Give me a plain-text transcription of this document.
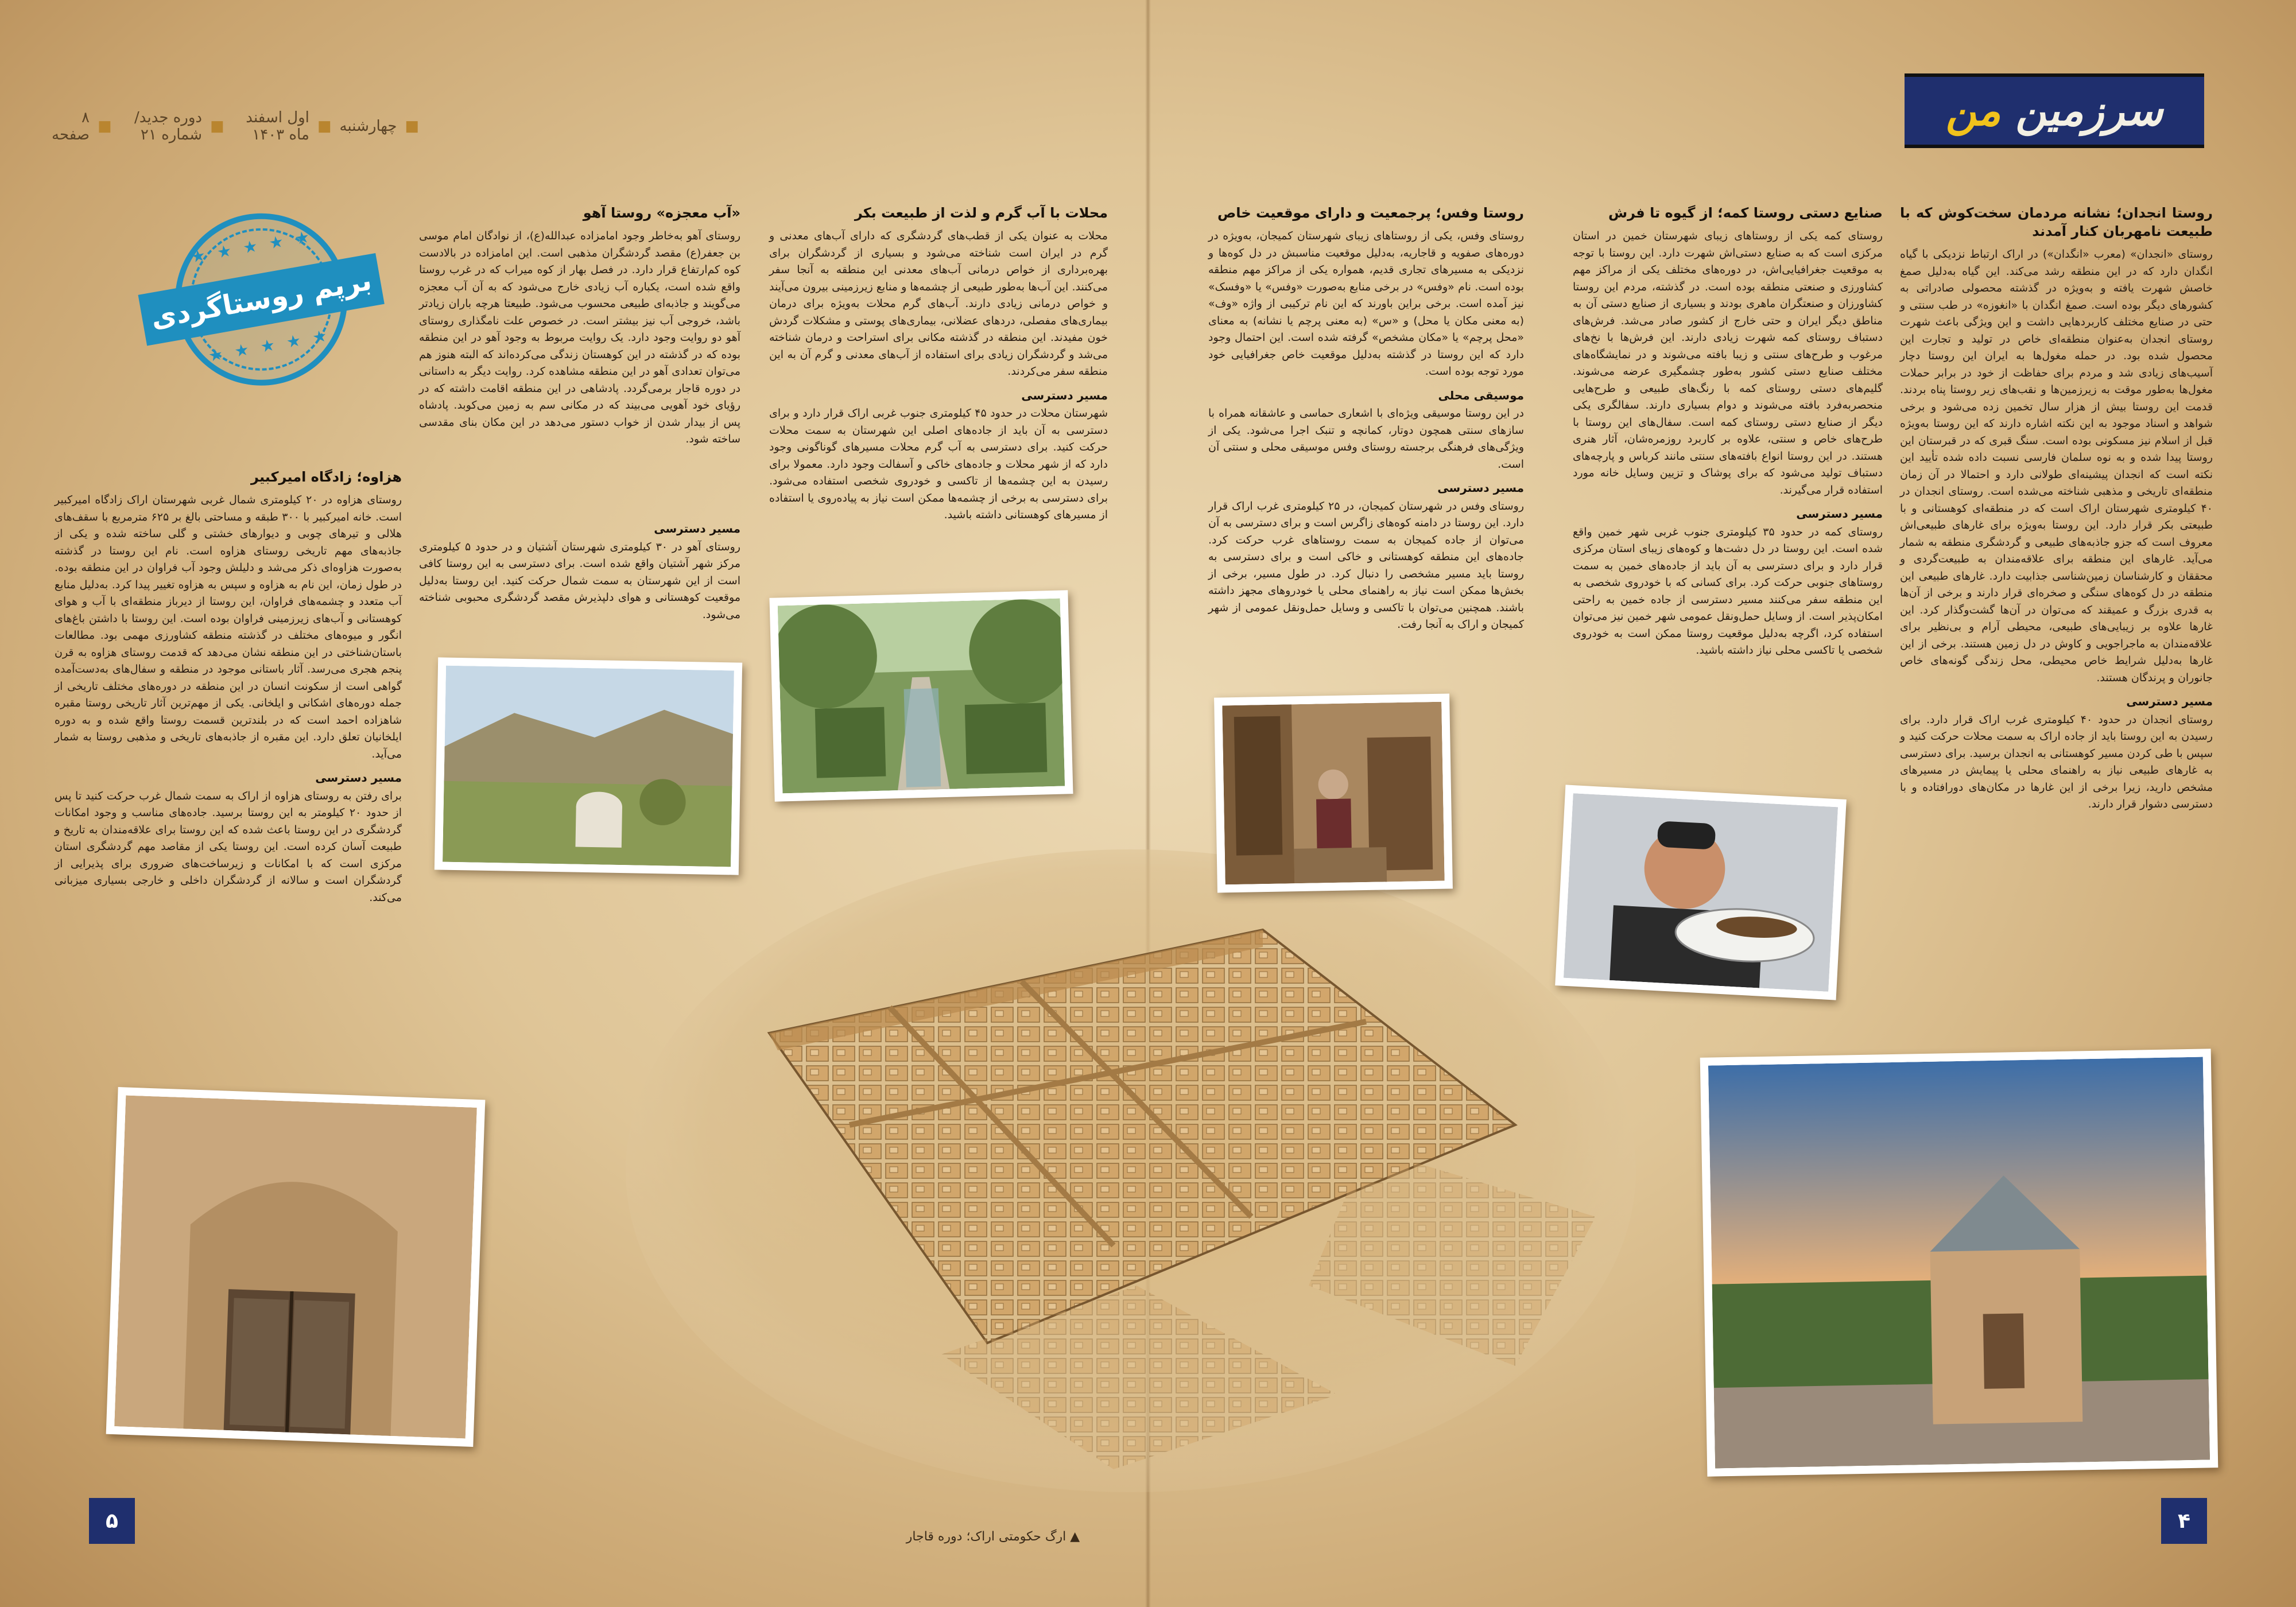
■
چهارشنبه
■
اول اسفند ماه ۱۴۰۳
■
دوره جدید/ شماره ۲۱
■
۸ صفحه	سرزمین من
★ ★ ★ ★ ★
برپم روستاگردی
★ ★ ★ ★ ★
روستا انجدان؛ نشانه مردمان سخت‌کوش که با طبیعت نامهربان کنار آمدند

روستای «انجدان» (معرب «انگدان») در اراک ارتباط نزدیکی با گیاه انگدان دارد که در این منطقه رشد می‌کند. این گیاه به‌دلیل صمغ خاصش شهرت یافته و به‌ویژه در گذشته محصولی صادراتی به کشورهای دیگر بوده است. صمغ انگدان با «انغوزه» در طب سنتی و حتی در صنایع مختلف کاربردهایی داشت و این ویژگی باعث شهرت روستای انجدان به‌عنوان منطقه‌ای خاص در تولید و تجارت این محصول شده بود. در حمله مغول‌ها به ایران این روستا دچار آسیب‌های زیادی شد و مردم برای حفاظت از خود در برابر حملات مغول‌ها به‌طور موقت به زیرزمین‌ها و نقب‌های زیر روستا پناه بردند. قدمت این روستا بیش از هزار سال تخمین زده می‌شود و برخی شواهد و اسناد موجود به این نکته اشاره دارند که این روستا به‌ویژه قبل از اسلام نیز مسکونی بوده است. سنگ قبری که در قبرستان این روستا پیدا شده و به نوه سلمان فارسی نسبت داده شده تأیید این نکته است که انجدان پیشینه‌ای طولانی دارد و احتمالا در آن زمان منطقه‌ای تاریخی و مذهبی شناخته می‌شده است. روستای انجدان در ۴۰ کیلومتری شهرستان اراک است که در منطقه‌ای کوهستانی و با طبیعتی بکر قرار دارد. این روستا به‌ویژه برای غارهای طبیعی‌اش معروف است که جزو جاذبه‌های طبیعی و گردشگری منطقه به شمار می‌آید. غارهای این منطقه برای علاقه‌مندان به طبیعت‌گردی و محققان و کارشناسان زمین‌شناسی جذابیت دارد. غارهای طبیعی این منطقه در دل کوه‌های سنگی و صخره‌ای قرار دارند و برخی از آن‌ها به قدری بزرگ و عمیقند که می‌توان در آن‌ها گشت‌وگذار کرد. این غارها علاوه بر زیبایی‌های طبیعی، محیطی آرام و بی‌نظیر برای علاقه‌مندان به ماجراجویی و کاوش در دل زمین هستند. برخی از این غارها به‌دلیل شرایط خاص محیطی، محل زندگی گونه‌های خاص جانوران و پرندگان هستند.

مسیر دسترسی

روستای انجدان در حدود ۴۰ کیلومتری غرب اراک قرار دارد. برای رسیدن به این روستا باید از جاده اراک به سمت محلات حرکت کنید و سپس با طی کردن مسیر کوهستانی به انجدان برسید. برای دسترسی به غارهای طبیعی نیاز به راهنمای محلی یا پیمایش در مسیرهای مشخص دارید، زیرا برخی از این غارها در مکان‌های دورافتاده و با دسترسی دشوار قرار دارند.

صنایع دستی روستا کمه؛ از گیوه تا فرش

روستای کمه یکی از روستاهای زیبای شهرستان خمین در استان مرکزی است که به صنایع دستی‌اش شهرت دارد. این روستا با توجه به موقعیت جغرافیایی‌اش، در دوره‌های مختلف یکی از مراکز مهم کشاورزی و صنعتی منطقه بوده است. در گذشته، مردم این روستا کشاورزان و صنعتگران ماهری بودند و بسیاری از صنایع دستی آن به مناطق دیگر ایران و حتی خارج از کشور صادر می‌شد. فرش‌های دستباف روستای کمه شهرت زیادی دارند. این فرش‌ها با نخ‌های مرغوب و طرح‌های سنتی و زیبا بافته می‌شوند و در نمایشگاه‌های مختلف صنایع دستی کشور به‌طور چشمگیری عرضه می‌شوند. گلیم‌های دستی روستای کمه با رنگ‌های طبیعی و طرح‌هایی منحصربه‌فرد بافته می‌شوند و دوام بسیاری دارند. سفالگری یکی دیگر از صنایع دستی روستای کمه است. سفال‌های این روستا با طرح‌های خاص و سنتی، علاوه بر کاربرد روزمره‌شان، آثار هنری هستند. در این روستا انواع بافته‌های سنتی مانند کرباس و پارچه‌های دستباف تولید می‌شود که برای پوشاک و تزیین وسایل خانه مورد استفاده قرار می‌گیرند.

مسیر دسترسی

روستای کمه در حدود ۳۵ کیلومتری جنوب غربی شهر خمین واقع شده است. این روستا در دل دشت‌ها و کوه‌های زیبای استان مرکزی قرار دارد و برای دسترسی به آن باید از جاده‌های خمین به سمت روستاهای جنوبی حرکت کرد. برای کسانی که با خودروی شخصی به این منطقه سفر می‌کنند مسیر دسترسی از جاده خمین به راحتی امکان‌پذیر است. از وسایل حمل‌ونقل عمومی شهر خمین نیز می‌توان استفاده کرد، اگرچه به‌دلیل موقعیت روستا ممکن است به خودروی شخصی یا تاکسی محلی نیاز داشته باشید.

روستا وفس؛ پرجمعیت و دارای موقعیت خاص

روستای وفس، یکی از روستاهای زیبای شهرستان کمیجان، به‌ویژه در دوره‌های صفویه و قاجاریه، به‌دلیل موقعیت مناسبش در دل کوه‌ها و نزدیکی به مسیرهای تجاری قدیم، همواره یکی از مراکز مهم منطقه بوده است. نام «وفس» در برخی منابع به‌صورت «وفس» یا «وفسک» نیز آمده است. برخی براین باورند که این نام ترکیبی از واژه «وف» (به معنی مکان یا محل) و «س» (به معنی پرچم یا نشانه) به معنای «محل پرچم» یا «مکان مشخص» گرفته شده است. این احتمال وجود دارد که این روستا در گذشته به‌دلیل موقعیت خاص جغرافیایی خود مورد توجه بوده است.

موسیقی محلی

در این روستا موسیقی ویژه‌ای با اشعاری حماسی و عاشقانه همراه با سازهای سنتی همچون دوتار، کمانچه و تنبک اجرا می‌شود. یکی از ویژگی‌های فرهنگی برجسته روستای وفس موسیقی محلی و سنتی آن است.

مسیر دسترسی

روستای وفس در شهرستان کمیجان، در ۲۵ کیلومتری غرب اراک قرار دارد. این روستا در دامنه کوه‌های زاگرس است و برای دسترسی به آن می‌توان از جاده کمیجان به سمت روستاهای غرب حرکت کرد. جاده‌های این منطقه کوهستانی و خاکی است و برای دسترسی به روستا باید مسیر مشخصی را دنبال کرد. در طول مسیر، برخی از بخش‌ها ممکن است نیاز به راهنمای محلی یا خودروهای مجهز داشته باشند. همچنین می‌توان با تاکسی و وسایل حمل‌ونقل عمومی از شهر کمیجان و اراک به آنجا رفت.

محلات با آب گرم و لذت از طبیعت بکر

محلات به عنوان یکی از قطب‌های گردشگری که دارای آب‌های معدنی و گرم در ایران است شناخته می‌شود و بسیاری از گردشگران برای بهره‌برداری از خواص درمانی آب‌های معدنی این منطقه به آنجا سفر می‌کنند. این آب‌ها به‌طور طبیعی از چشمه‌ها و منابع زیرزمینی بیرون می‌آیند و خواص درمانی زیادی دارند. آب‌های گرم محلات به‌ویژه برای درمان بیماری‌های مفصلی، دردهای عضلانی، بیماری‌های پوستی و مشکلات گردش خون مفیدند. این منطقه در گذشته مکانی برای استراحت و درمان شناخته می‌شد و گردشگران زیادی برای استفاده از آب‌های معدنی و گرم آن به این منطقه سفر می‌کردند.

مسیر دسترسی

شهرستان محلات در حدود ۴۵ کیلومتری جنوب غربی اراک قرار دارد و برای دسترسی به آن باید از جاده‌های اصلی این شهرستان به سمت محلات حرکت کنید. برای دسترسی به آب گرم محلات مسیرهای گوناگونی وجود دارد که از شهر محلات و جاده‌های خاکی و آسفالت وجود دارد. معمولا برای رسیدن به این چشمه‌ها از تاکسی و خودروی شخصی استفاده می‌شود. برای دسترسی به برخی از چشمه‌ها ممکن است نیاز به پیاده‌روی یا استفاده از مسیرهای کوهستانی داشته باشید.

«آب معجزه» روستا آهو

روستای آهو به‌خاطر وجود امامزاده عبدالله(ع)، از نوادگان امام موسی بن جعفر(ع) مقصد گردشگران مذهبی است. این امامزاده در بالادست کوه کم‌ارتفاع قرار دارد. در فصل بهار از کوه میراب که در غرب روستا واقع شده است، یکباره آب زیادی خارج می‌شود که به آن آب معجزه می‌گویند و جاذبه‌ای طبیعی محسوب می‌شود. طبیعتا هرچه باران زیادتر باشد، خروجی آب نیز بیشتر است. در خصوص علت نامگذاری روستای آهو دو روایت وجود دارد. یک روایت مربوط به وجود آهو در این منطقه بوده که در گذشته در این کوهستان زندگی می‌کرده‌اند که البته هنوز هم می‌توان تعدادی آهو در این منطقه مشاهده کرد. روایت دیگر به داستانی در دوره قاجار برمی‌گردد. پادشاهی در این منطقه اقامت داشته که در رؤیای خود آهویی می‌بیند که در مکانی سم به زمین می‌کوبد. پادشاه پس از بیدار شدن از خواب دستور می‌دهد در این مکان بنای مقدسی ساخته شود.

مسیر دسترسی

روستای آهو در ۳۰ کیلومتری شهرستان آشتیان و در حدود ۵ کیلومتری مرکز شهر آشتیان واقع شده است. برای دسترسی به این روستا کافی است از این شهرستان به سمت شمال حرکت کنید. این روستا به‌دلیل موقعیت کوهستانی و هوای دلپذیرش مقصد گردشگری محبوبی شناخته می‌شود.

هزاوه؛ زادگاه امیرکبیر

روستای هزاوه در ۲۰ کیلومتری شمال غربی شهرستان اراک زادگاه امیرکبیر است. خانه امیرکبیر با ۳۰۰ طبقه و مساحتی بالغ بر ۶۲۵ مترمربع با سقف‌های هلالی و تیرهای چوبی و دیوارهای خشتی و گلی ساخته شده و یکی از جاذبه‌های مهم تاریخی روستای هزاوه است. نام این روستا در گذشته به‌صورت هزاوه‌ای ذکر می‌شد و دلیلش وجود آب فراوان در این منطقه بوده. در طول زمان، این نام به هزاوه و سپس به هزاوه تغییر پیدا کرد. به‌دلیل منابع آب متعدد و چشمه‌های فراوان، این روستا از دیرباز منطقه‌ای با آب و هوای کوهستانی و آب‌های زیرزمینی فراوان بوده است. این روستا با داشتن باغ‌های انگور و میوه‌های مختلف در گذشته منطقه کشاورزی مهمی بود. مطالعات باستان‌شناختی در این منطقه نشان می‌دهد که قدمت روستای هزاوه به قرن پنجم هجری می‌رسد. آثار باستانی موجود در منطقه و سفال‌های به‌دست‌آمده گواهی است از سکونت انسان در این منطقه در دوره‌های مختلف تاریخی از جمله دوره‌های اشکانی و ایلخانی. یکی از مهم‌ترین آثار تاریخی روستا مقبره شاهزاده احمد است که در بلندترین قسمت روستا واقع شده و به دوره ایلخانیان تعلق دارد. این مقبره از جاذبه‌های تاریخی و مذهبی روستا به شمار می‌آید.

مسیر دسترسی

برای رفتن به روستای هزاوه از اراک به سمت شمال غرب حرکت کنید تا پس از حدود ۲۰ کیلومتر به این روستا برسید. جاده‌های مناسب و وجود امکانات گردشگری در این روستا باعث شده که این روستا برای علاقه‌مندان به تاریخ و طبیعت آسان کرده است. این روستا یکی از مقاصد مهم گردشگری استان مرکزی است که با امکانات و زیرساخت‌های ضروری برای پذیرایی از گردشگران است و سالانه از گردشگران داخلی و خارجی بسیاری میزبانی می‌کند.

۵	۴
▲ ارگ حکومتی اراک؛ دوره قاجار
